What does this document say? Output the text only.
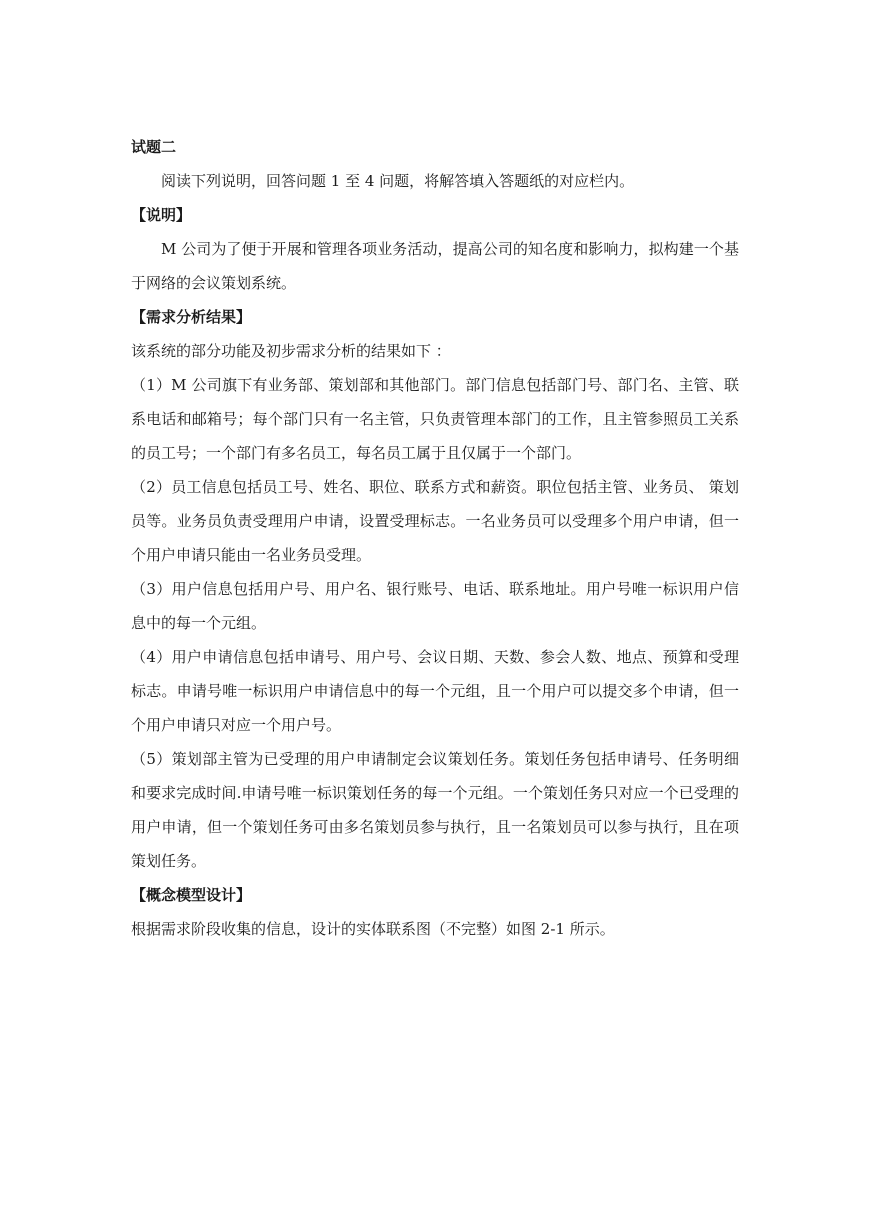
试题二

阅读下列说明，回答问题 1 至 4 问题，将解答填入答题纸的对应栏内。

【说明】

M 公司为了便于开展和管理各项业务活动，提高公司的知名度和影响力，拟构建一个基于网络的会议策划系统。

【需求分析结果】

该系统的部分功能及初步需求分析的结果如下 ：

（1）M 公司旗下有业务部、策划部和其他部门。部门信息包括部门号、部门名、主管、联系电话和邮箱号；每个部门只有一名主管，只负责管理本部门的工作，且主管参照员工关系的员工号；一个部门有多名员工，每名员工属于且仅属于一个部门。

（2）员工信息包括员工号、姓名、职位、联系方式和薪资。职位包括主管、业务员、 策划员等。业务员负责受理用户申请，设置受理标志。一名业务员可以受理多个用户申请，但一个用户申请只能由一名业务员受理。

（3）用户信息包括用户号、用户名、银行账号、电话、联系地址。用户号唯一标识用户信息中的每一个元组。

（4）用户申请信息包括申请号、用户号、会议日期、天数、参会人数、地点、预算和受理标志。申请号唯一标识用户申请信息中的每一个元组，且一个用户可以提交多个申请，但一个用户申请只对应一个用户号。

（5）策划部主管为已受理的用户申请制定会议策划任务。策划任务包括申请号、任务明细和要求完成时间.申请号唯一标识策划任务的每一个元组。一个策划任务只对应一个已受理的用户申请，但一个策划任务可由多名策划员参与执行，且一名策划员可以参与执行，且在项策划任务。

【概念模型设计】

根据需求阶段收集的信息，设计的实体联系图（不完整）如图 2-1 所示。
